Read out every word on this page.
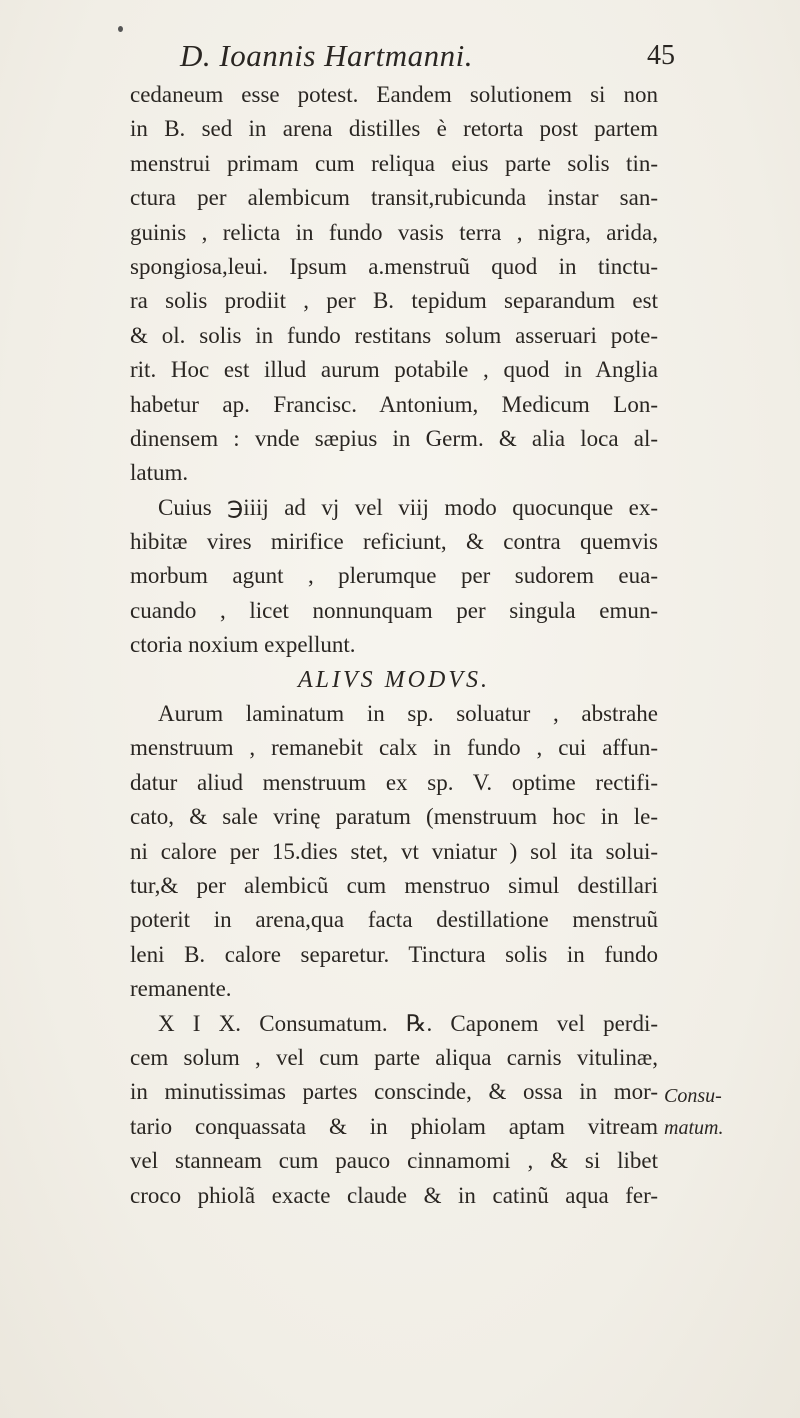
D. Ioannis Hartmanni.	45
cedaneum esse potest. Eandem solutionem si non
in B. sed in arena distilles è retorta post partem
menstrui primam cum reliqua eius parte solis tin-
ctura per alembicum transit,rubicunda instar san-
guinis , relicta in fundo vasis terra , nigra, arida,
spongiosa,leui. Ipsum a.menstruũ quod in tinctu-
ra solis prodiit , per B. tepidum separandum est
& ol. solis in fundo restitans solum asseruari pote-
rit. Hoc est illud aurum potabile , quod in Anglia
habetur ap. Francisc. Antonium, Medicum Lon-
dinensem : vnde sæpius in Germ. & alia loca al-
latum.
Cuius ℈iiij ad vj vel viij modo quocunque ex-
hibitæ vires mirifice reficiunt, & contra quemvis
morbum agunt , plerumque per sudorem eua-
cuando , licet nonnunquam per singula emun-
ctoria noxium expellunt.
ALIVS MODVS.
Aurum laminatum in sp. soluatur , abstrahe
menstruum , remanebit calx in fundo , cui affun-
datur aliud menstruum ex sp. V. optime rectifi-
cato, & sale vrinę paratum (menstruum hoc in le-
ni calore per 15.dies stet, vt vniatur ) sol ita solui-
tur,& per alembicũ cum menstruo simul destillari
poterit in arena,qua facta destillatione menstruũ
leni B. calore separetur. Tinctura solis in fundo
remanente.
X I X. Consumatum. ℞. Caponem vel perdi-
cem solum , vel cum parte aliqua carnis vitulinæ,
in minutissimas partes conscinde, & ossa in mor-
tario conquassata & in phiolam aptam vitream
vel stanneam cum pauco cinnamomi , & si libet
croco phiolã exacte claude & in catinũ aqua fer-
Consu-
matum.
